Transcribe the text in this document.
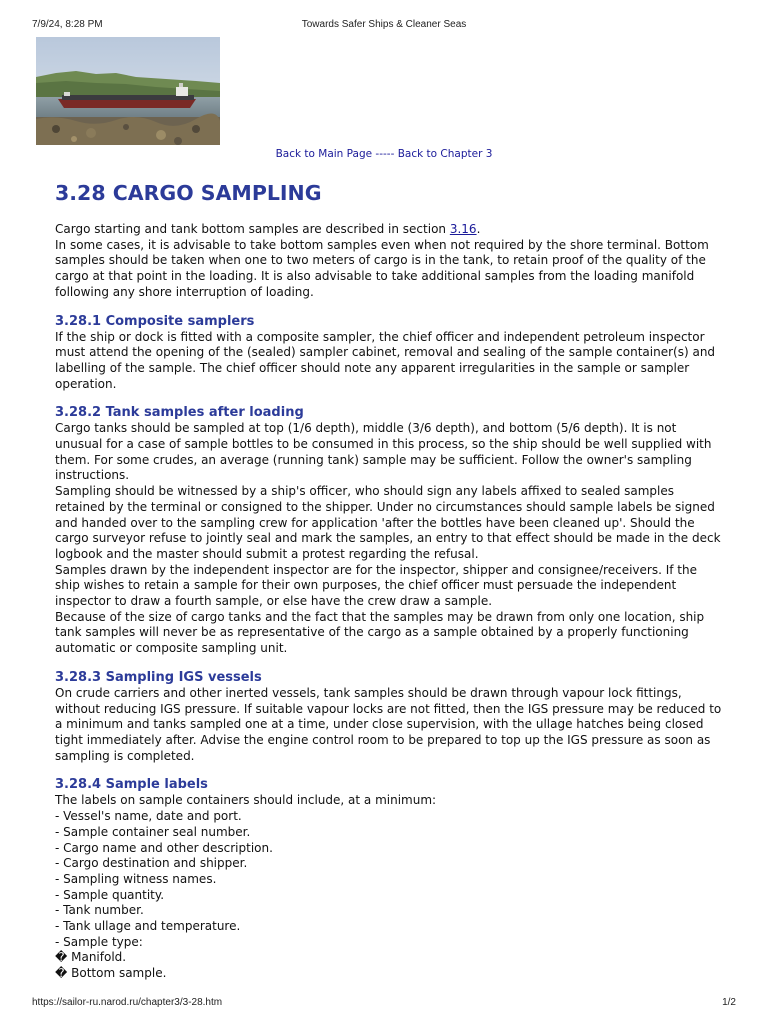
7/9/24, 8:28 PM	Towards Safer Ships & Cleaner Seas
Back to Main Page ----- Back to Chapter 3
3.28 CARGO SAMPLING

Cargo starting and tank bottom samples are described in section 3.16.

In some cases, it is advisable to take bottom samples even when not required by the shore terminal. Bottom samples should be taken when one to two meters of cargo is in the tank, to retain proof of the quality of the cargo at that point in the loading. It is also advisable to take additional samples from the loading manifold following any shore interruption of loading.

3.28.1 Composite samplers

If the ship or dock is fitted with a composite sampler, the chief officer and independent petroleum inspector must attend the opening of the (sealed) sampler cabinet, removal and sealing of the sample container(s) and labelling of the sample. The chief officer should note any apparent irregularities in the sample or sampler operation.

3.28.2 Tank samples after loading

Cargo tanks should be sampled at top (1/6 depth), middle (3/6 depth), and bottom (5/6 depth). It is not unusual for a case of sample bottles to be consumed in this process, so the ship should be well supplied with them. For some crudes, an average (running tank) sample may be sufficient. Follow the owner's sampling instructions.

Sampling should be witnessed by a ship's officer, who should sign any labels affixed to sealed samples retained by the terminal or consigned to the shipper. Under no circumstances should sample labels be signed and handed over to the sampling crew for application 'after the bottles have been cleaned up'. Should the cargo surveyor refuse to jointly seal and mark the samples, an entry to that effect should be made in the deck logbook and the master should submit a protest regarding the refusal.

Samples drawn by the independent inspector are for the inspector, shipper and consignee/receivers. If the ship wishes to retain a sample for their own purposes, the chief officer must persuade the independent inspector to draw a fourth sample, or else have the crew draw a sample.

Because of the size of cargo tanks and the fact that the samples may be drawn from only one location, ship tank samples will never be as representative of the cargo as a sample obtained by a properly functioning automatic or composite sampling unit.

3.28.3 Sampling IGS vessels

On crude carriers and other inerted vessels, tank samples should be drawn through vapour lock fittings, without reducing IGS pressure. If suitable vapour locks are not fitted, then the IGS pressure may be reduced to a minimum and tanks sampled one at a time, under close supervision, with the ullage hatches being closed tight immediately after. Advise the engine control room to be prepared to top up the IGS pressure as soon as sampling is completed.

3.28.4 Sample labels

The labels on sample containers should include, at a minimum:

- Vessel's name, date and port.

- Sample container seal number.

- Cargo name and other description.

- Cargo destination and shipper.

- Sampling witness names.

- Sample quantity.

- Tank number.

- Tank ullage and temperature.

- Sample type:

� Manifold.

� Bottom sample.

https://sailor-ru.narod.ru/chapter3/3-28.htm	1/2
